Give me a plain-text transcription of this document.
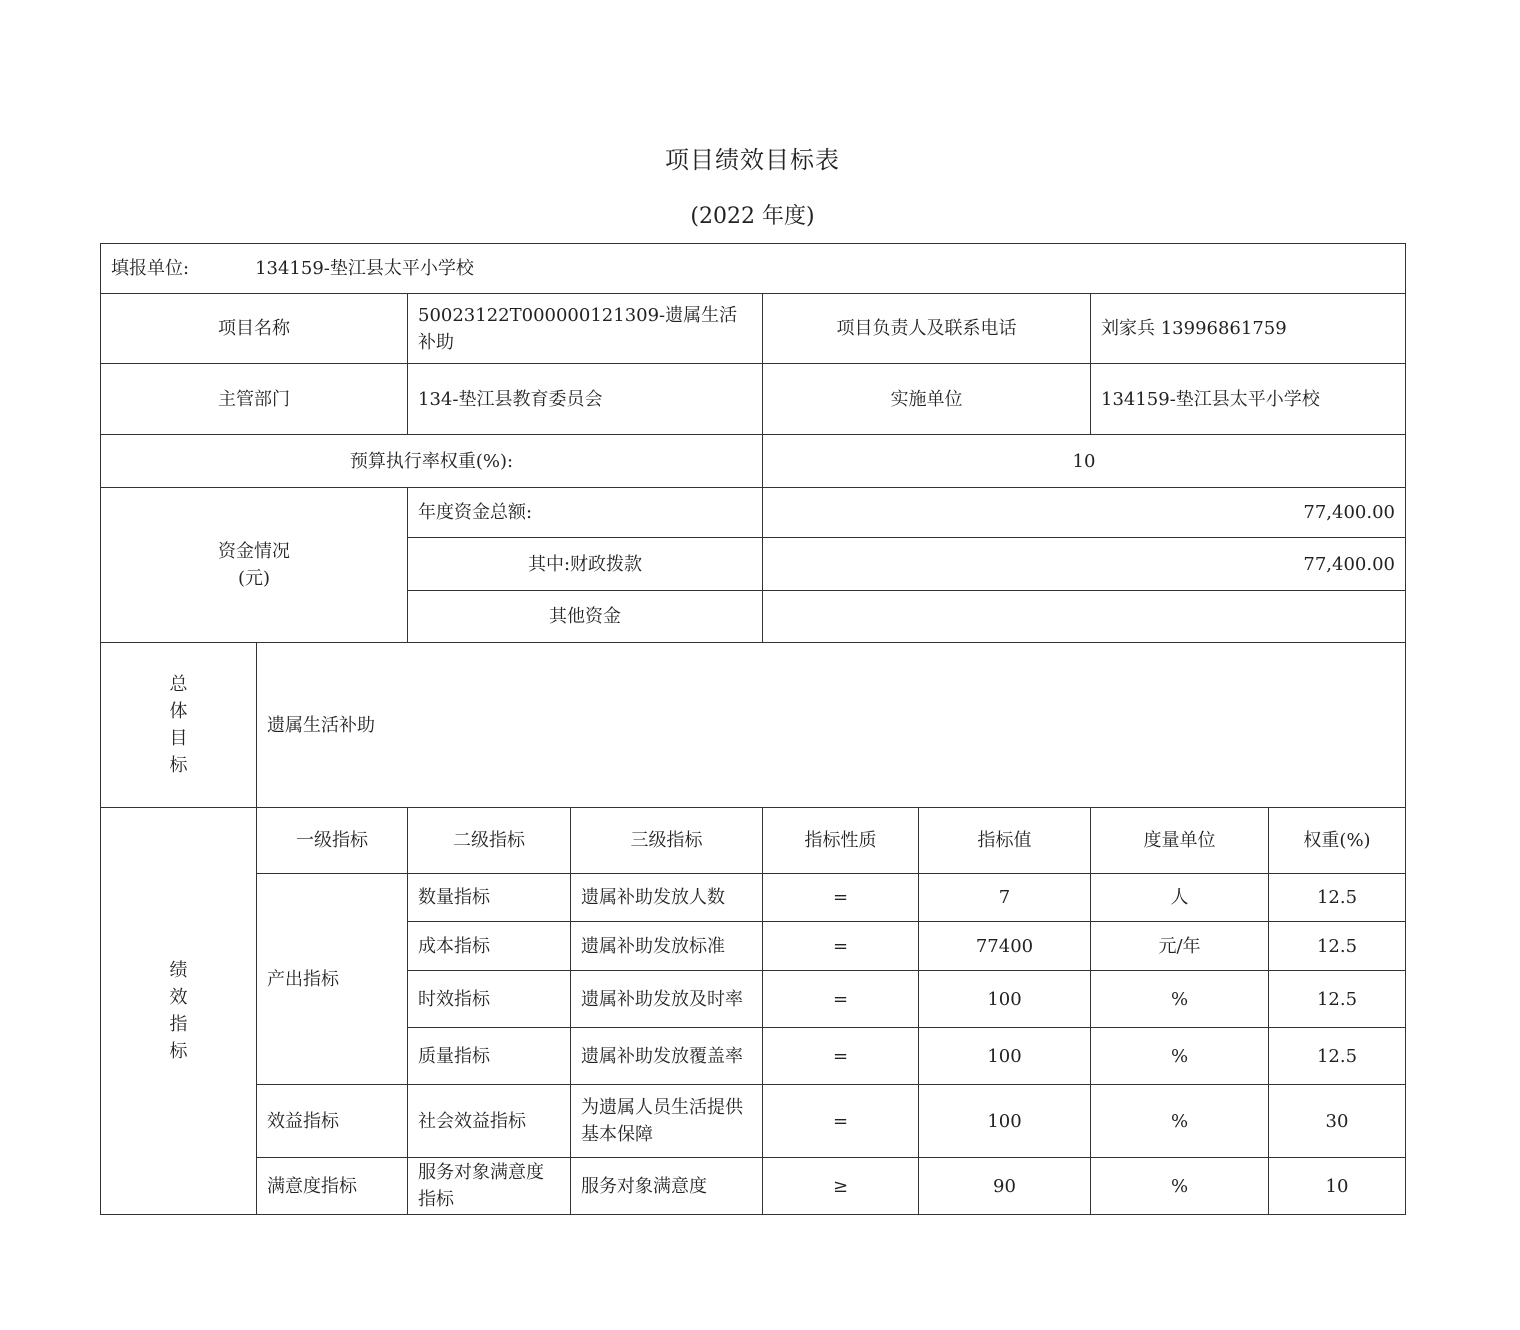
项目绩效目标表
(2022 年度)
填报单位: 134159-垫江县太平小学校							
项目名称		50023122T000000121309-遗属生活补助		项目负责人及联系电话		刘家兵 13996861759	
主管部门		134-垫江县教育委员会		实施单位		134159-垫江县太平小学校	
预算执行率权重(%):				10			

资金情况
(元)		年度资金总额:		77,400.00			
		其中:财政拨款		77,400.00			
		其他资金					

总
体
目
标	遗属生活补助						

绩
效
指
标	一级指标	二级指标	三级指标	指标性质	指标值	度量单位	权重(%)
	产出指标	数量指标	遗属补助发放人数	=	7	人	12.5
		成本指标	遗属补助发放标准	=	77400	元/年	12.5
		时效指标	遗属补助发放及时率	=	100	%	12.5
		质量指标	遗属补助发放覆盖率	=	100	%	12.5
	效益指标	社会效益指标	为遗属人员生活提供基本保障	=	100	%	30
	满意度指标	服务对象满意度指标	服务对象满意度	≥	90	%	10
